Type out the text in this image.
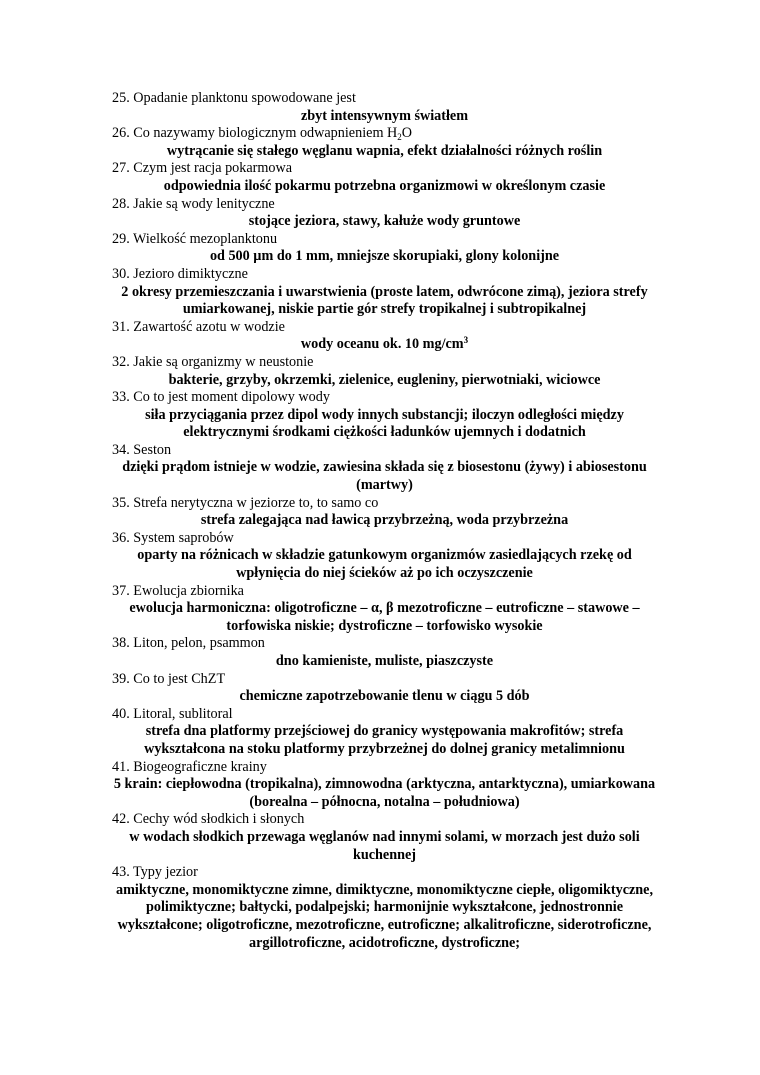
25. Opadanie planktonu spowodowane jest
zbyt intensywnym światłem
26. Co nazywamy biologicznym odwapnieniem $H_2O$
wytrącanie się stałego węglanu wapnia, efekt działalności różnych roślin
27. Czym jest racja pokarmowa
odpowiednia ilość pokarmu potrzebna organizmowi w określonym czasie
28. Jakie są wody lenityczne
stojące jeziora, stawy, kałuże wody gruntowe
29. Wielkość mezoplanktonu
od 500 µm do 1 mm, mniejsze skorupiaki, glony kolonijne
30. Jezioro dimiktyczne
2 okresy przemieszczania i uwarstwienia (proste latem, odwrócone zimą), jeziora strefy umiarkowanej, niskie partie gór strefy tropikalnej i subtropikalnej
31. Zawartość azotu w wodzie
wody oceanu ok. 10 $mg/cm^3$
32. Jakie są organizmy w neustonie
bakterie, grzyby, okrzemki, zielenice, eugleniny, pierwotniaki, wiciowce
33. Co to jest moment dipolowy wody
siła przyciągania przez dipol wody innych substancji; iloczyn odległości między elektrycznymi środkami ciężkości ładunków ujemnych i dodatnich
34. Seston
dzięki prądom istnieje w wodzie, zawiesina składa się z biosestonu (żywy) i abiosestonu (martwy)
35. Strefa nerytyczna w jeziorze to, to samo co
strefa zalegająca nad ławicą przybrzeżną, woda przybrzeżna
36. System saprobów
oparty na różnicach w składzie gatunkowym organizmów zasiedlających rzekę od wpłynięcia do niej ścieków aż po ich oczyszczenie
37. Ewolucja zbiornika
ewolucja harmoniczna: oligotroficzne – α, β mezotroficzne – eutroficzne – stawowe – torfowiska niskie; dystroficzne – torfowisko wysokie
38. Liton, pelon, psammon
dno kamieniste, muliste, piaszczyste
39. Co to jest ChZT
chemiczne zapotrzebowanie tlenu w ciągu 5 dób
40. Litoral, sublitoral
strefa dna platformy przejściowej do granicy występowania makrofitów; strefa wykształcona na stoku platformy przybrzeżnej do dolnej granicy metalimnionu
41. Biogeograficzne krainy
5 krain: ciepłowodna (tropikalna), zimnowodna (arktyczna, antarktyczna), umiarkowana (borealna – północna, notalna – południowa)
42. Cechy wód słodkich i słonych
w wodach słodkich przewaga węglanów nad innymi solami, w morzach jest dużo soli kuchennej
43. Typy jezior
amiktyczne, monomiktyczne zimne, dimiktyczne, monomiktyczne ciepłe, oligomiktyczne, polimiktyczne; bałtycki, podalpejski; harmonijnie wykształcone, jednostronnie wykształcone; oligotroficzne, mezotroficzne, eutroficzne; alkalitroficzne, siderotroficzne, argillotroficzne, acidotroficzne, dystroficzne;
